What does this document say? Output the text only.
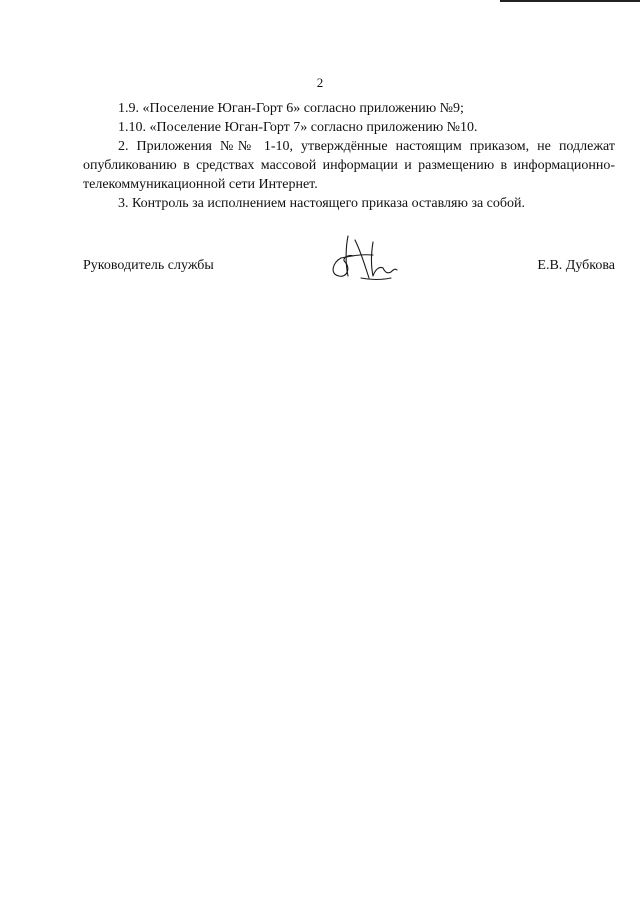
2

1.9. «Поселение Юган-Горт 6» согласно приложению №9;

1.10. «Поселение Юган-Горт 7» согласно приложению №10.

2. Приложения №№ 1-10, утверждённые настоящим приказом, не подлежат опубликованию в средствах массовой информации и размещению в информационно-телекоммуникационной сети Интернет.

3. Контроль за исполнением настоящего приказа оставляю за собой.

Руководитель службы	Е.В. Дубкова
